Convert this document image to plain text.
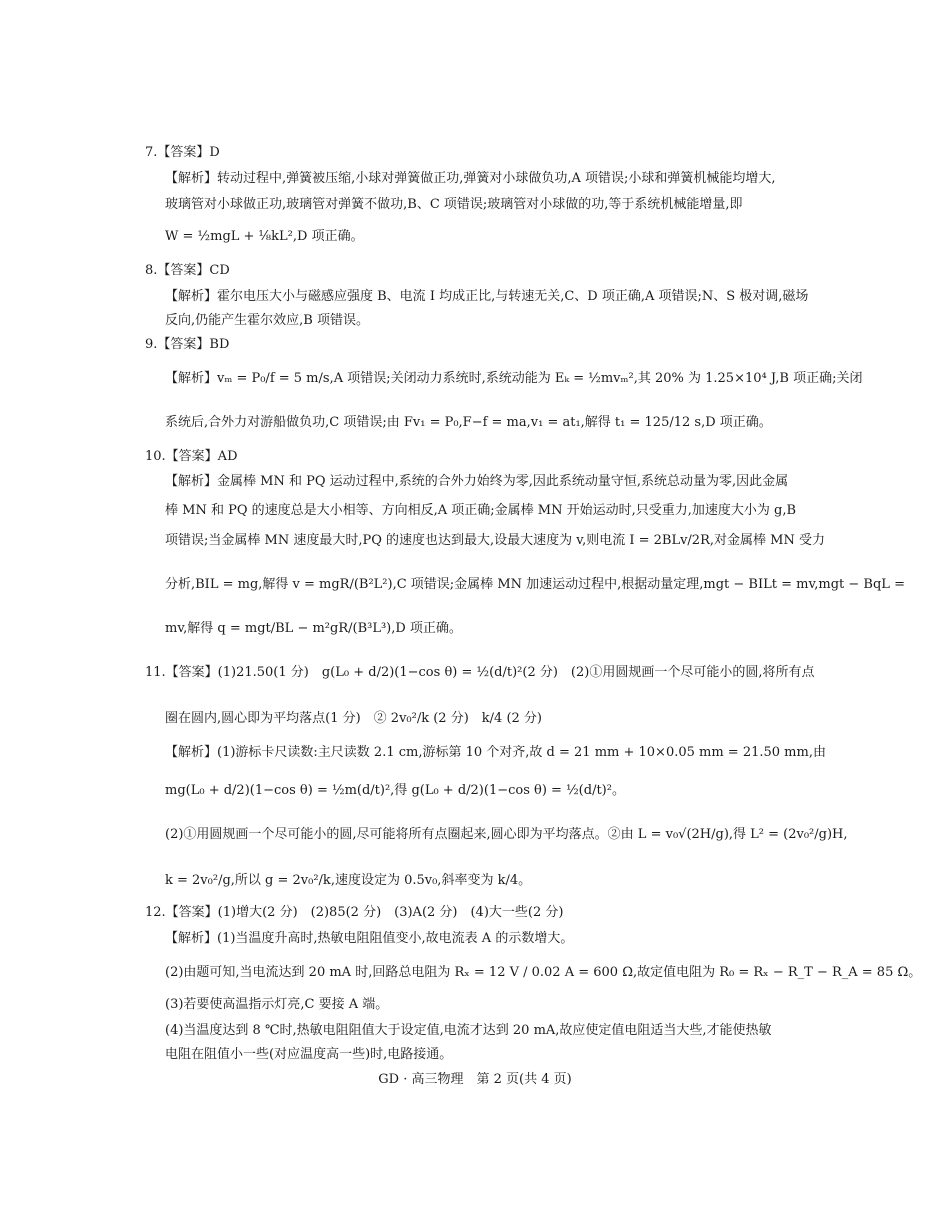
7.【答案】D
【解析】转动过程中,弹簧被压缩,小球对弹簧做正功,弹簧对小球做负功,A 项错误;小球和弹簧机械能均增大,
玻璃管对小球做正功,玻璃管对弹簧不做功,B、C 项错误;玻璃管对小球做的功,等于系统机械能增量,即
W = ½mgL + ⅛kL²,D 项正确。
8.【答案】CD
【解析】霍尔电压大小与磁感应强度 B、电流 I 均成正比,与转速无关,C、D 项正确,A 项错误;N、S 极对调,磁场
反向,仍能产生霍尔效应,B 项错误。
9.【答案】BD
【解析】vₘ = P₀/f = 5 m/s,A 项错误;关闭动力系统时,系统动能为 Eₖ = ½mvₘ²,其 20% 为 1.25×10⁴ J,B 项正确;关闭
系统后,合外力对游船做负功,C 项错误;由 Fv₁ = P₀,F−f = ma,v₁ = at₁,解得 t₁ = 125/12 s,D 项正确。
10.【答案】AD
【解析】金属棒 MN 和 PQ 运动过程中,系统的合外力始终为零,因此系统动量守恒,系统总动量为零,因此金属
棒 MN 和 PQ 的速度总是大小相等、方向相反,A 项正确;金属棒 MN 开始运动时,只受重力,加速度大小为 g,B
项错误;当金属棒 MN 速度最大时,PQ 的速度也达到最大,设最大速度为 v,则电流 I = 2BLv/2R,对金属棒 MN 受力
分析,BIL = mg,解得 v = mgR/(B²L²),C 项错误;金属棒 MN 加速运动过程中,根据动量定理,mgt − BILt = mv,mgt − BqL =
mv,解得 q = mgt/BL − m²gR/(B³L³),D 项正确。
11.【答案】(1)21.50(1 分)　g(L₀ + d/2)(1−cos θ) = ½(d/t)²(2 分)　(2)①用圆规画一个尽可能小的圆,将所有点
圈在圆内,圆心即为平均落点(1 分)　② 2v₀²/k (2 分)　k/4 (2 分)
【解析】(1)游标卡尺读数:主尺读数 2.1 cm,游标第 10 个对齐,故 d = 21 mm + 10×0.05 mm = 21.50 mm,由
mg(L₀ + d/2)(1−cos θ) = ½m(d/t)²,得 g(L₀ + d/2)(1−cos θ) = ½(d/t)²。
(2)①用圆规画一个尽可能小的圆,尽可能将所有点圈起来,圆心即为平均落点。②由 L = v₀√(2H/g),得 L² = (2v₀²/g)H,
k = 2v₀²/g,所以 g = 2v₀²/k,速度设定为 0.5v₀,斜率变为 k/4。
12.【答案】(1)增大(2 分)　(2)85(2 分)　(3)A(2 分)　(4)大一些(2 分)
【解析】(1)当温度升高时,热敏电阻阻值变小,故电流表 A 的示数增大。
(2)由题可知,当电流达到 20 mA 时,回路总电阻为 Rₓ = 12 V / 0.02 A = 600 Ω,故定值电阻为 R₀ = Rₓ − R_T − R_A = 85 Ω。
(3)若要使高温指示灯亮,C 要接 A 端。
(4)当温度达到 8 ℃时,热敏电阻阻值大于设定值,电流才达到 20 mA,故应使定值电阻适当大些,才能使热敏
电阻在阻值小一些(对应温度高一些)时,电路接通。
GD · 高三物理　第 2 页(共 4 页)
